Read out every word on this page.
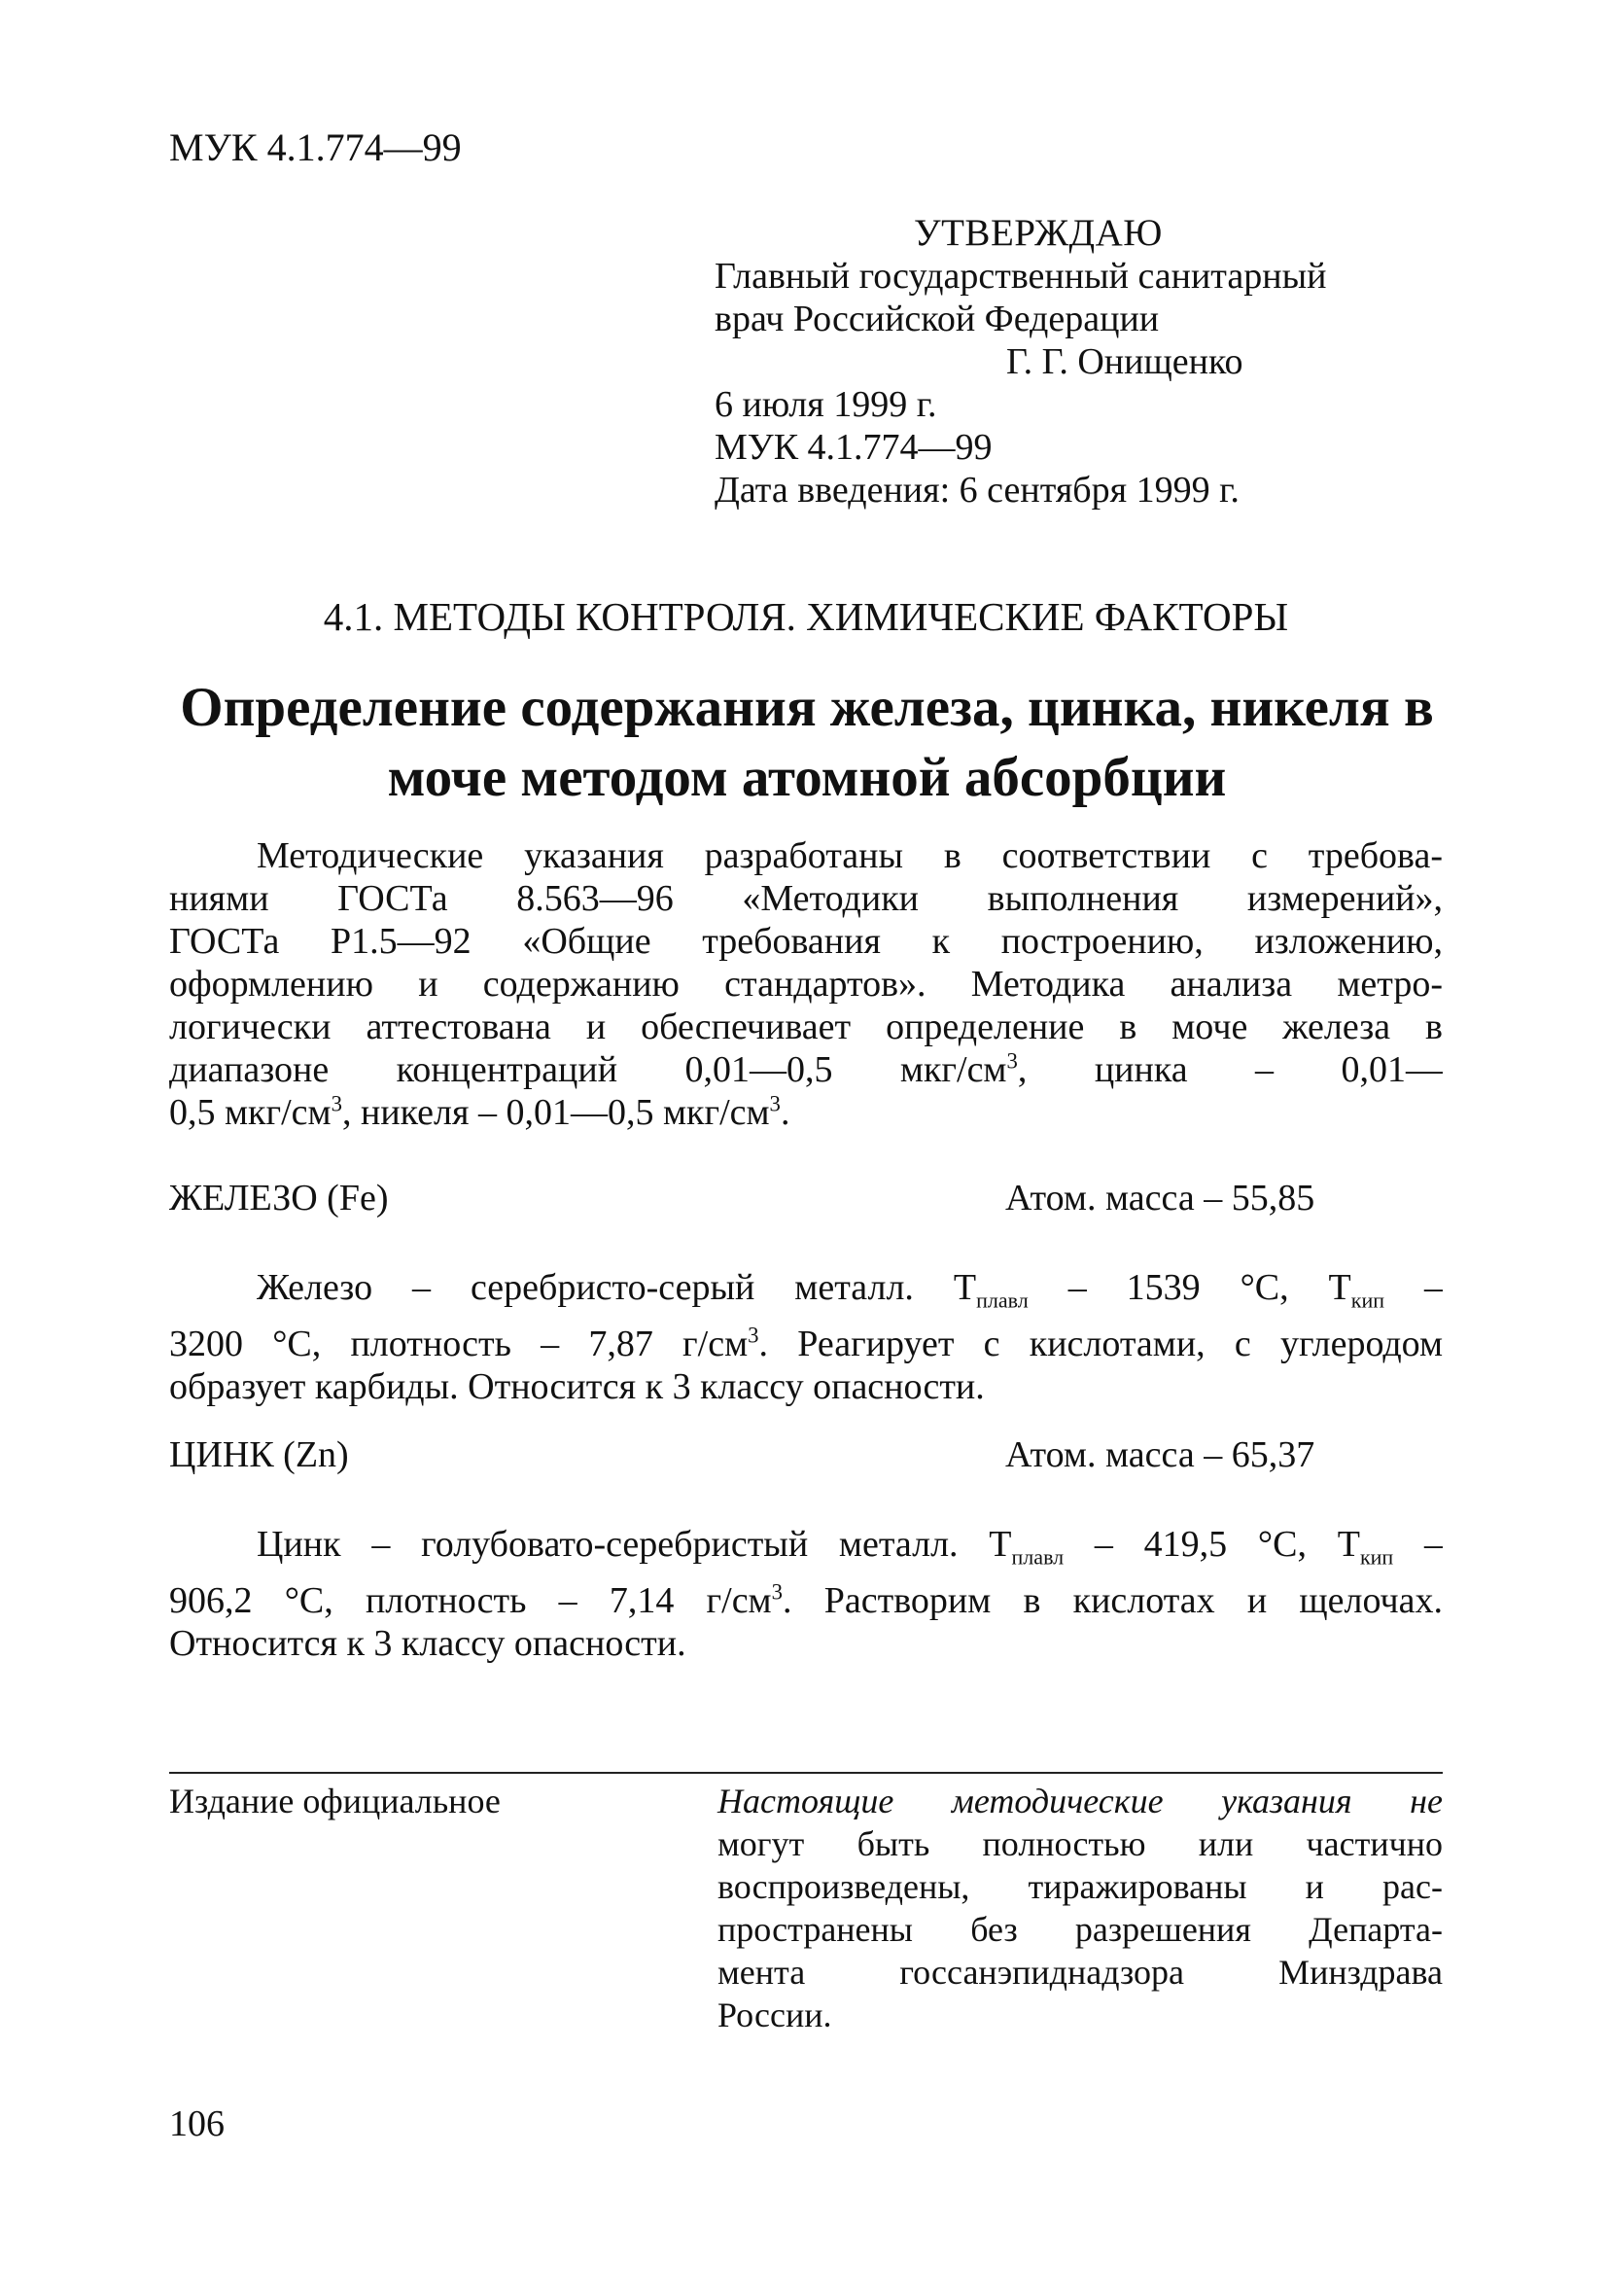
МУК 4.1.774—99
УТВЕРЖДАЮ
Главный государственный санитарный
врач Российской Федерации
Г. Г. Онищенко
6 июля 1999 г.
МУК 4.1.774—99
Дата введения: 6 сентября 1999 г.
4.1. МЕТОДЫ КОНТРОЛЯ. ХИМИЧЕСКИЕ ФАКТОРЫ
Определение содержания железа, цинка, никеля в
моче методом атомной абсорбции
Методические указания разработаны в соответствии с требова-
ниями ГОСТа 8.563—96 «Методики выполнения измерений»,
ГОСТа Р1.5—92 «Общие требования к построению, изложению,
оформлению и содержанию стандартов». Методика анализа метро-
логически аттестована и обеспечивает определение в моче железа в
диапазоне концентраций 0,01—0,5 мкг/$см^3$, цинка – 0,01—
0,5 мкг/$см^3$, никеля – 0,01—0,5 мкг/$см^3$.
ЖЕЛЕЗО (Fe)	Атом. масса – 55,85
Железо – серебристо-серый металл. $T_{плавл} - 1539$ °С, $T_{кип}$ –
3200 °С, плотность – 7,87 $г/см^3$. Реагирует с кислотами, с углеродом
образует карбиды. Относится к 3 классу опасности.
ЦИНК (Zn)	Атом. масса – 65,37
Цинк – голубовато-серебристый металл. $T_{плавл} - 419,5$ °С, $T_{кип}$ –
906,2 °С, плотность – 7,14 $г/см^3$. Растворим в кислотах и щелочах.
Относится к 3 классу опасности.
Издание официальное	Настоящие методические указания не
могут быть полностью или частично
воспроизведены, тиражированы и рас-
пространены без разрешения Департа-
мента госсанэпиднадзора Минздрава
России.
106
